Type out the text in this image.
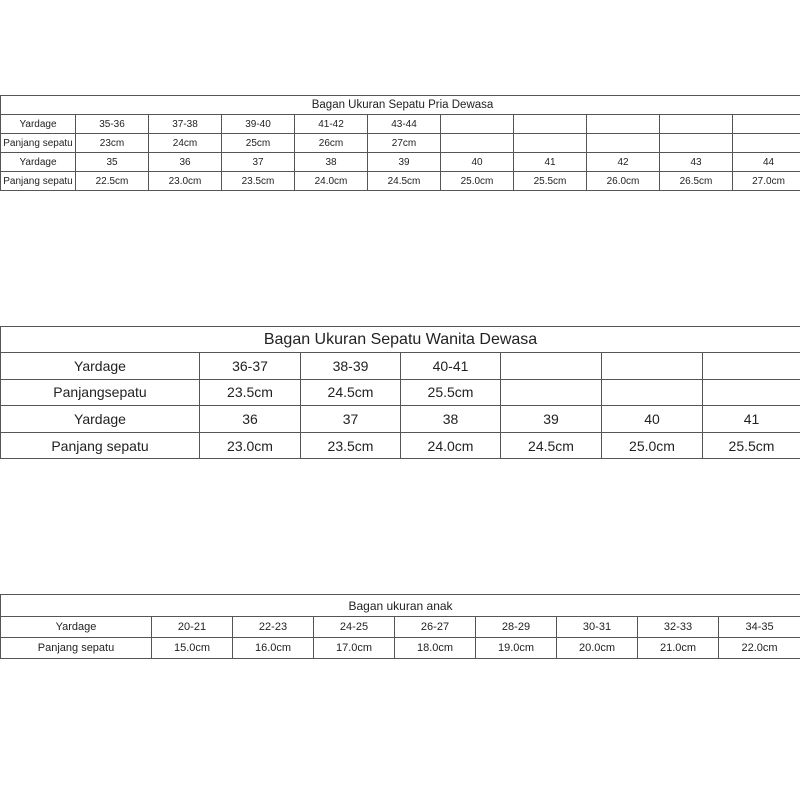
Bagan Ukuran Sepatu Pria Dewasa										
Yardage	35-36	37-38	39-40	41-42	43-44					
Panjang sepatu	23cm	24cm	25cm	26cm	27cm					
Yardage	35	36	37	38	39	40	41	42	43	44
Panjang sepatu	22.5cm	23.0cm	23.5cm	24.0cm	24.5cm	25.0cm	25.5cm	26.0cm	26.5cm	27.0cm
Bagan Ukuran Sepatu Wanita Dewasa						
Yardage	36-37	38-39	40-41			
Panjangsepatu	23.5cm	24.5cm	25.5cm			
Yardage	36	37	38	39	40	41
Panjang sepatu	23.0cm	23.5cm	24.0cm	24.5cm	25.0cm	25.5cm
Bagan ukuran anak								
Yardage	20-21	22-23	24-25	26-27	28-29	30-31	32-33	34-35
Panjang sepatu	15.0cm	16.0cm	17.0cm	18.0cm	19.0cm	20.0cm	21.0cm	22.0cm
